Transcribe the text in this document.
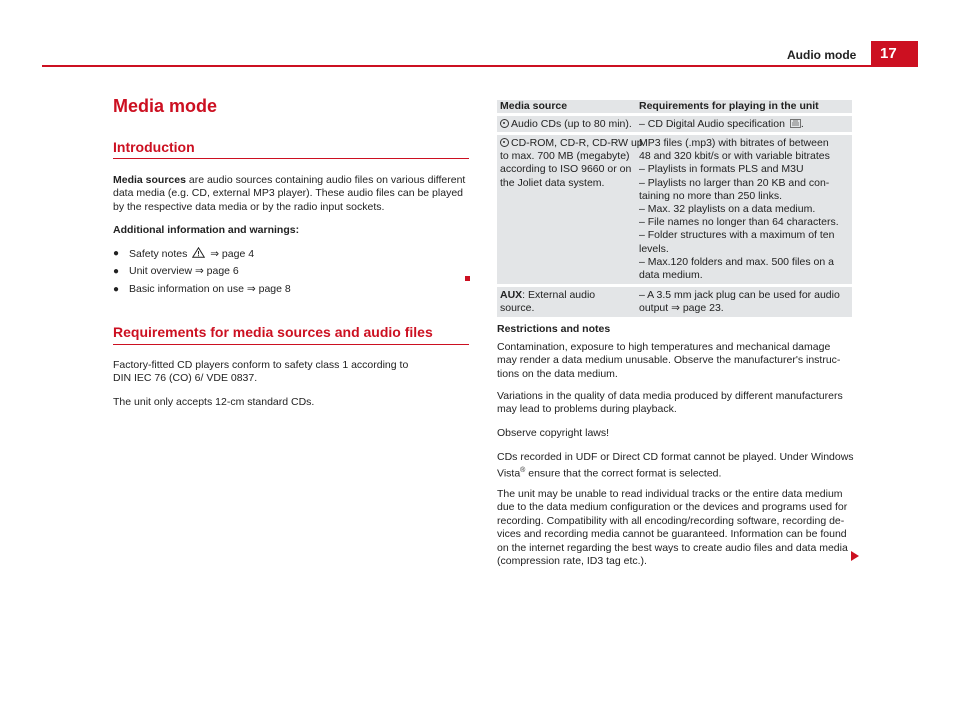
Audio mode 17
Media mode
Introduction

Media sources are audio sources containing audio files on various different data media (e.g. CD, external MP3 player). These audio files can be played by the respective data media or by the radio input sockets.

Additional information and warnings:

● Safety notes ⇒ page 4
● Unit overview ⇒ page 6
● Basic information on use ⇒ page 8
Requirements for media sources and audio files
Factory-fitted CD players conform to safety class 1 according to
DIN IEC 76 (CO) 6/ VDE 0837.

The unit only accepts 12-cm standard CDs.

Media source	Requirements for playing in the unit
Audio CDs (up to 80 min). – CD Digital Audio specification .
CD-ROM, CD-R, CD-RW up
to max. 700 MB (megabyte)
according to ISO 9660 or on
the Joliet data system.
MP3 files (.mp3) with bitrates of between
48 and 320 kbit/s or with variable bitrates
– Playlists in formats PLS and M3U
– Playlists no larger than 20 KB and con-
taining no more than 250 links.
– Max. 32 playlists on a data medium.
– File names no longer than 64 characters.
– Folder structures with a maximum of ten
levels.
– Max.120 folders and max. 500 files on a
data medium.
AUX: External audio source.
– A 3.5 mm jack plug can be used for audio
output ⇒ page 23.
Restrictions and notes
Contamination, exposure to high temperatures and mechanical damage
may render a data medium unusable. Observe the manufacturer's instruc-
tions on the data medium.
Variations in the quality of data media produced by different manufacturers
may lead to problems during playback.
Observe copyright laws!
CDs recorded in UDF or Direct CD format cannot be played. Under Windows
Vista® ensure that the correct format is selected.
The unit may be unable to read individual tracks or the entire data medium
due to the data medium configuration or the devices and programs used for
recording. Compatibility with all encoding/recording software, recording de-
vices and recording media cannot be guaranteed. Information can be found
on the internet regarding the best ways to create audio files and data media
(compression rate, ID3 tag etc.).
